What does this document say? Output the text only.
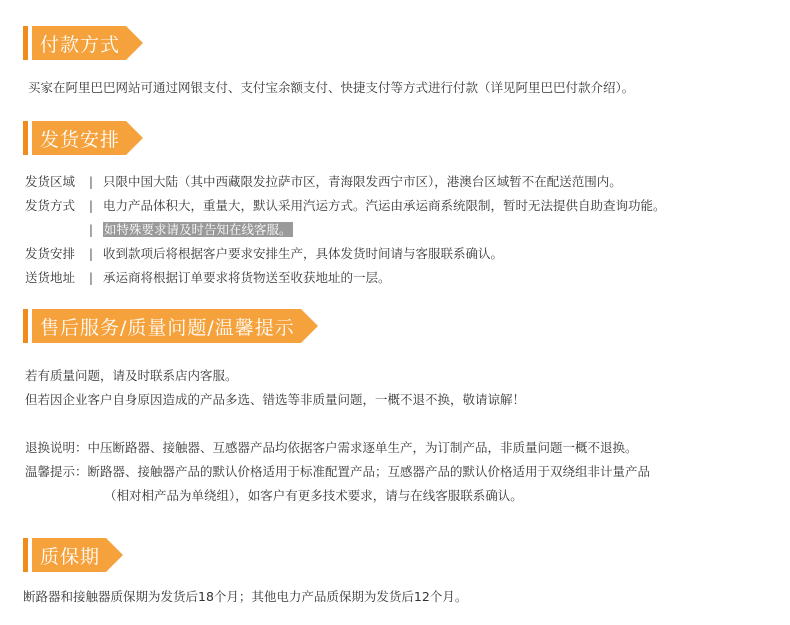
付款方式
买家在阿里巴巴网站可通过网银支付、支付宝余额支付、快捷支付等方式进行付款（详见阿里巴巴付款介绍）。
发货安排
发货区域 | 只限中国大陆（其中西藏限发拉萨市区，青海限发西宁市区），港澳台区域暂不在配送范围内。
发货方式 | 电力产品体积大，重量大，默认采用汽运方式。汽运由承运商系统限制，暂时无法提供自助查询功能。
| 如特殊要求请及时告知在线客服。
发货安排 | 收到款项后将根据客户要求安排生产，具体发货时间请与客服联系确认。
送货地址 | 承运商将根据订单要求将货物送至收获地址的一层。
售后服务/质量问题/温馨提示
若有质量问题，请及时联系店内客服。
但若因企业客户自身原因造成的产品多选、错选等非质量问题，一概不退不换，敬请谅解！
退换说明：中压断路器、接触器、互感器产品均依据客户需求逐单生产，为订制产品，非质量问题一概不退换。
温馨提示：断路器、接触器产品的默认价格适用于标准配置产品；互感器产品的默认价格适用于双绕组非计量产品
（相对相产品为单绕组），如客户有更多技术要求，请与在线客服联系确认。
质保期
断路器和接触器质保期为发货后18个月；其他电力产品质保期为发货后12个月。
